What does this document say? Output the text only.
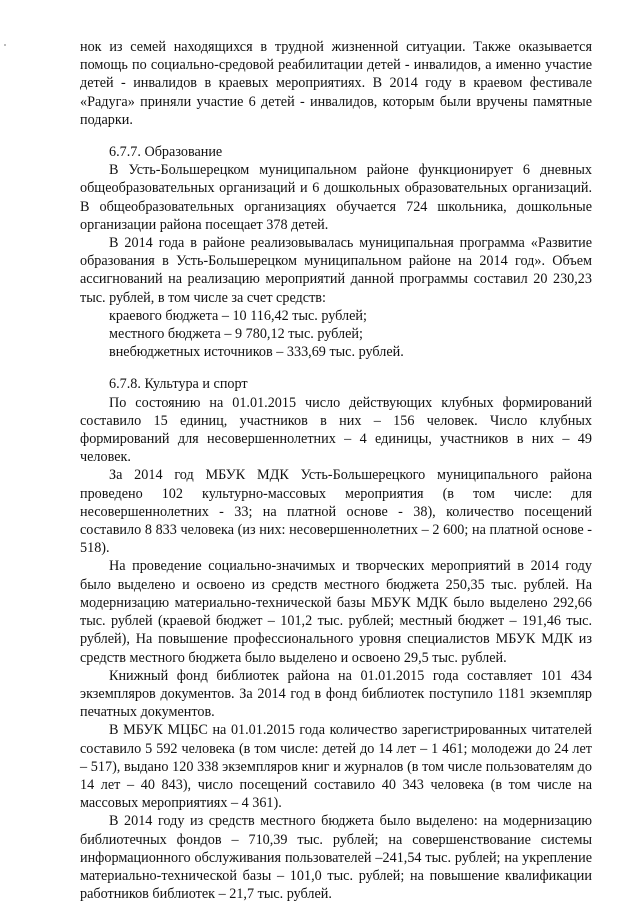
нок из семей находящихся в трудной жизненной ситуации. Также оказывается помощь по социально-средовой реабилитации детей - инвалидов, а именно участие детей - инвалидов в краевых мероприятиях. В 2014 году в краевом фестивале «Радуга» приняли участие 6 детей - инвалидов, которым были вручены памятные подарки.

6.7.7. Образование

В Усть-Большерецком муниципальном районе функционирует 6 дневных общеобразовательных организаций и 6 дошкольных образовательных организаций. В общеобразовательных организациях обучается 724 школьника, дошкольные организации района посещает 378 детей.

В 2014 года в районе реализовывалась муниципальная программа «Развитие образования в Усть-Большерецком муниципальном районе на 2014 год». Объем ассигнований на реализацию мероприятий данной программы составил 20 230,23 тыс. рублей, в том числе за счет средств:

краевого бюджета – 10 116,42 тыс. рублей;

местного бюджета – 9 780,12 тыс. рублей;

внебюджетных источников – 333,69 тыс. рублей.

6.7.8. Культура и спорт

По состоянию на 01.01.2015 число действующих клубных формирований составило 15 единиц, участников в них – 156 человек. Число клубных формирований для несовершеннолетних – 4 единицы, участников в них – 49 человек.

За 2014 год МБУК МДК Усть-Большерецкого муниципального района проведено 102 культурно-массовых мероприятия (в том числе: для несовершеннолетних - 33; на платной основе - 38), количество посещений составило 8 833 человека (из них: несовершеннолетних – 2 600; на платной основе - 518).

На проведение социально-значимых и творческих мероприятий в 2014 году было выделено и освоено из средств местного бюджета 250,35 тыс. рублей. На модернизацию материально-технической базы МБУК МДК было выделено 292,66 тыс. рублей (краевой бюджет – 101,2 тыс. рублей; местный бюджет – 191,46 тыс. рублей), На повышение профессионального уровня специалистов МБУК МДК из средств местного бюджета было выделено и освоено 29,5 тыс. рублей.

Книжный фонд библиотек района на 01.01.2015 года составляет 101 434 экземпляров документов. За 2014 год в фонд библиотек поступило 1181 экземпляр печатных документов.

В МБУК МЦБС на 01.01.2015 года количество зарегистрированных читателей составило 5 592 человека (в том числе: детей до 14 лет – 1 461; молодежи до 24 лет – 517), выдано 120 338 экземпляров книг и журналов (в том числе пользователям до 14 лет – 40 843), число посещений составило 40 343 человека (в том числе на массовых мероприятиях – 4 361).

В 2014 году из средств местного бюджета было выделено: на модернизацию библиотечных фондов – 710,39 тыс. рублей; на совершенствование системы информационного обслуживания пользователей –241,54 тыс. рублей; на укрепление материально-технической базы – 101,0 тыс. рублей; на повышение квалификации работников библиотек – 21,7 тыс. рублей.
